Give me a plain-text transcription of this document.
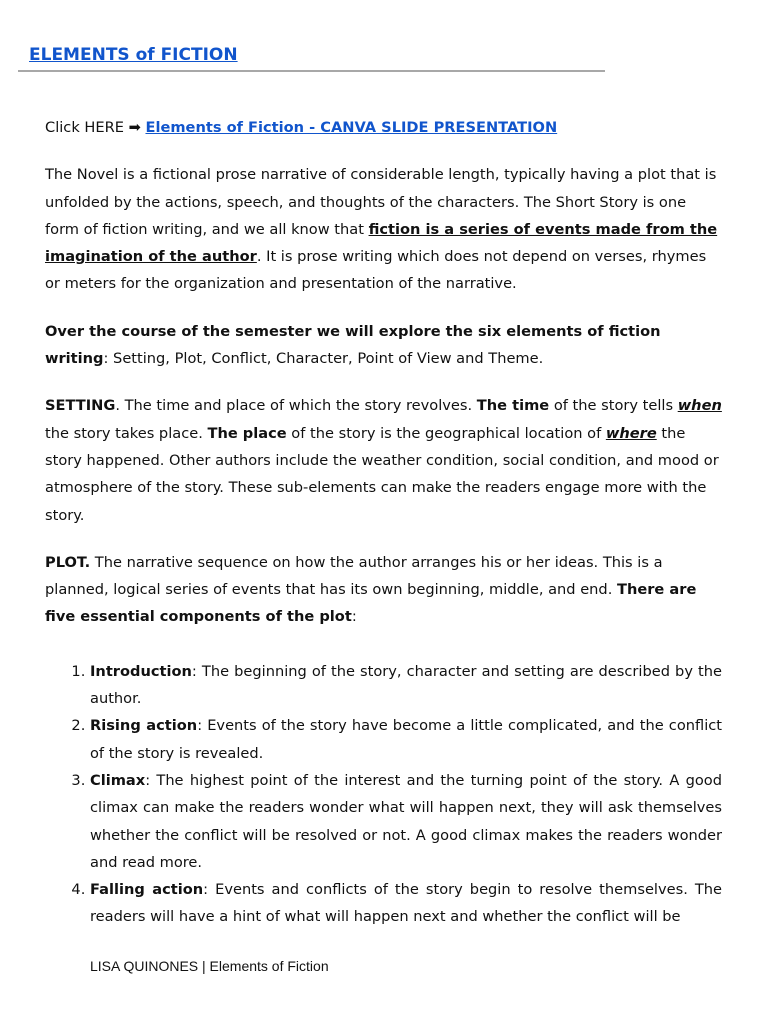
ELEMENTS of FICTION

Click HERE ➡ Elements of Fiction - CANVA SLIDE PRESENTATION

The Novel is a fictional prose narrative of considerable length, typically having a plot that is unfolded by the actions, speech, and thoughts of the characters. The Short Story is one form of fiction writing, and we all know that fiction is a series of events made from the imagination of the author. It is prose writing which does not depend on verses, rhymes or meters for the organization and presentation of the narrative.

Over the course of the semester we will explore the six elements of fiction writing: Setting, Plot, Conflict, Character, Point of View and Theme.

SETTING. The time and place of which the story revolves. The time of the story tells when the story takes place. The place of the story is the geographical location of where the story happened. Other authors include the weather condition, social condition, and mood or atmosphere of the story. These sub-elements can make the readers engage more with the story.

PLOT. The narrative sequence on how the author arranges his or her ideas. This is a planned, logical series of events that has its own beginning, middle, and end. There are five essential components of the plot:

1. Introduction: The beginning of the story, character and setting are described by the author.
2. Rising action: Events of the story have become a little complicated, and the conflict of the story is revealed.
3. Climax: The highest point of the interest and the turning point of the story. A good climax can make the readers wonder what will happen next, they will ask themselves whether the conflict will be resolved or not. A good climax makes the readers wonder and read more.
4. Falling action: Events and conflicts of the story begin to resolve themselves. The readers will have a hint of what will happen next and whether the conflict will be
LISA QUINONES | Elements of Fiction
